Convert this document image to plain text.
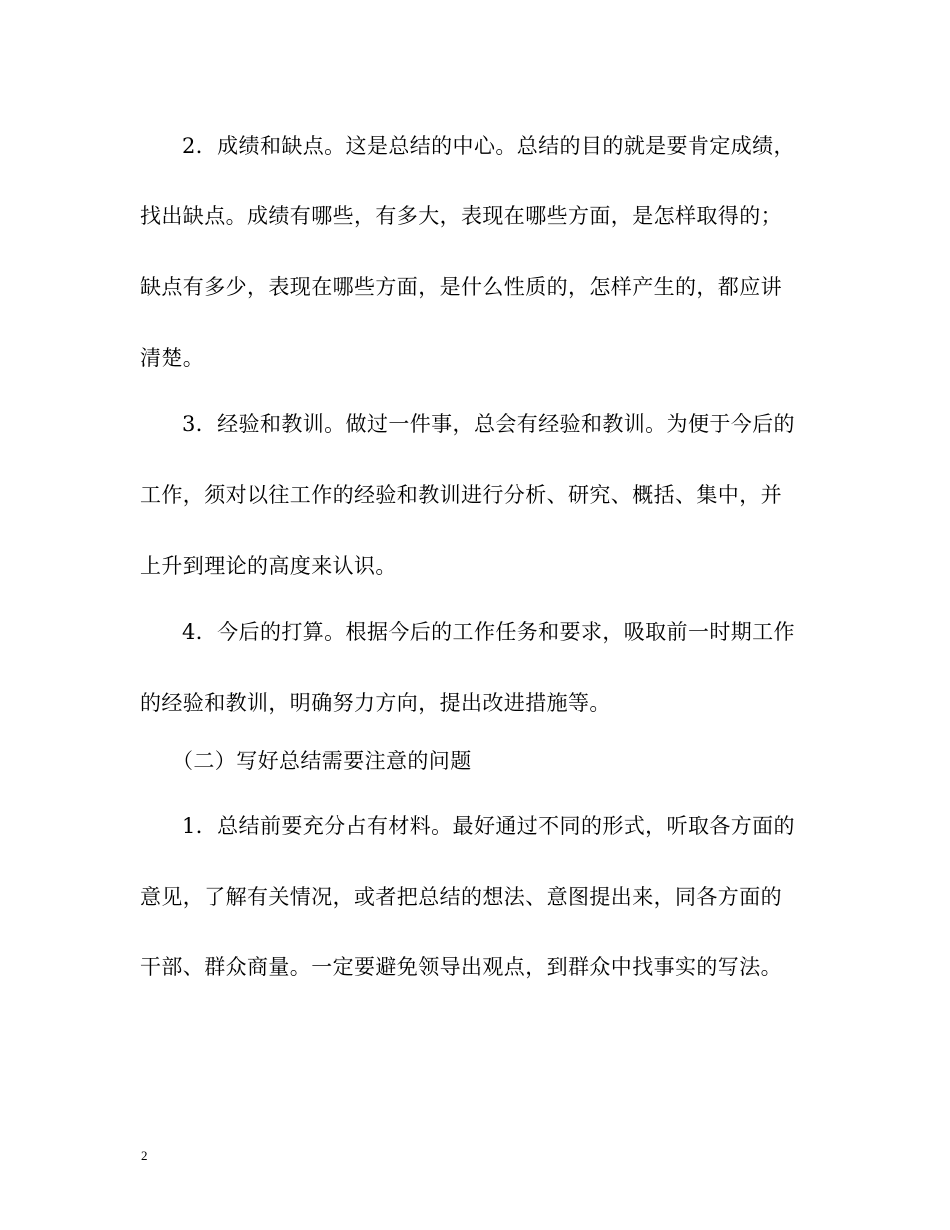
2．成绩和缺点。这是总结的中心。总结的目的就是要肯定成绩，
找出缺点。成绩有哪些，有多大，表现在哪些方面，是怎样取得的；
缺点有多少，表现在哪些方面，是什么性质的，怎样产生的，都应讲
清楚。
3．经验和教训。做过一件事，总会有经验和教训。为便于今后的
工作，须对以往工作的经验和教训进行分析、研究、概括、集中，并
上升到理论的高度来认识。
4．今后的打算。根据今后的工作任务和要求，吸取前一时期工作
的经验和教训，明确努力方向，提出改进措施等。
（二）写好总结需要注意的问题
1．总结前要充分占有材料。最好通过不同的形式，听取各方面的
意见，了解有关情况，或者把总结的想法、意图提出来，同各方面的
干部、群众商量。一定要避免领导出观点，到群众中找事实的写法。
2
